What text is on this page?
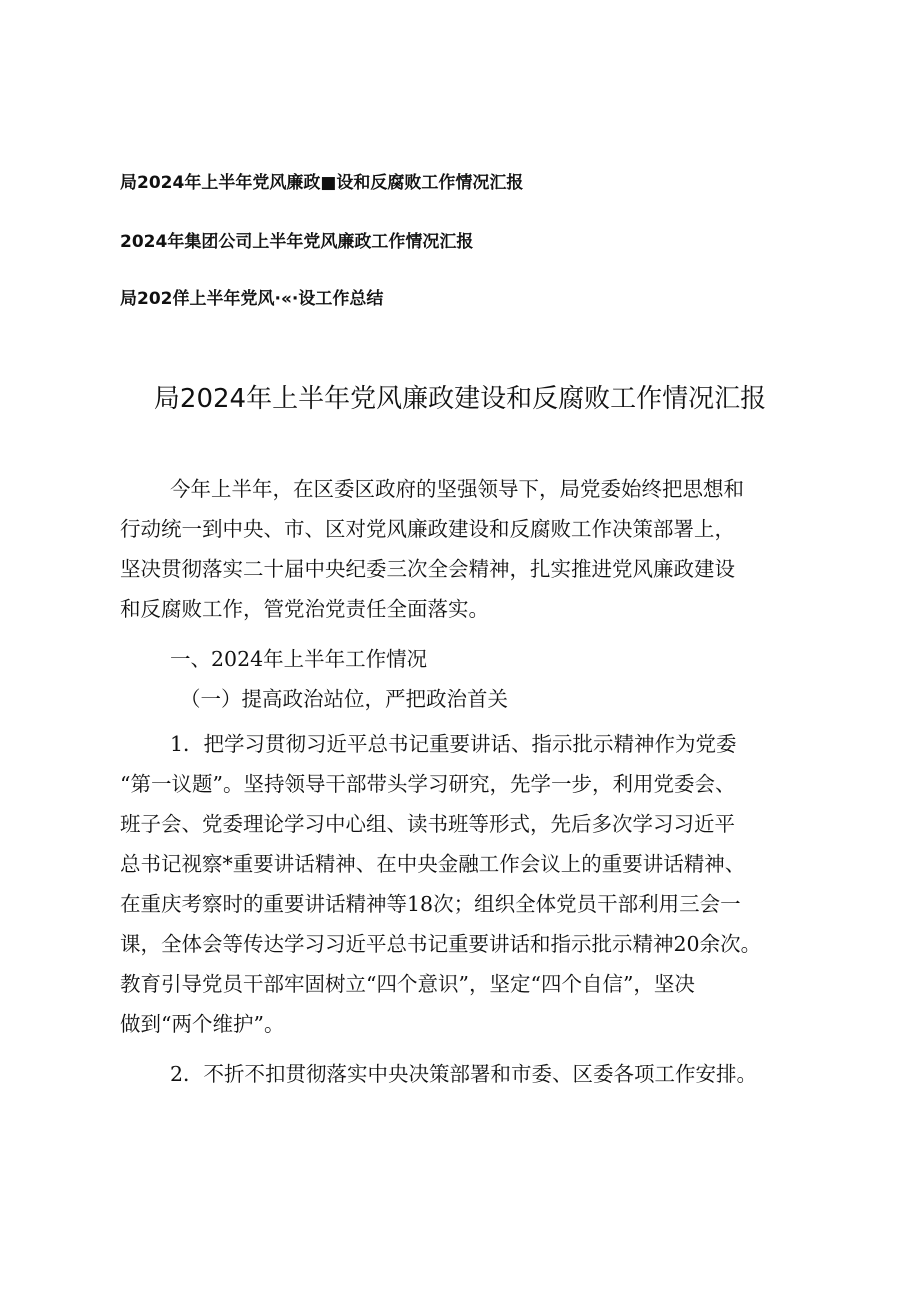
局2024年上半年党风廉政■设和反腐败工作情况汇报
2024年集团公司上半年党风廉政工作情况汇报
局202佯上半年党风·«·设工作总结
局2024年上半年党风廉政建设和反腐败工作情况汇报
今年上半年，在区委区政府的坚强领导下，局党委始终把思想和
行动统一到中央、市、区对党风廉政建设和反腐败工作决策部署上，
坚决贯彻落实二十届中央纪委三次全会精神，扎实推进党风廉政建设
和反腐败工作，管党治党责任全面落实。
一、2024年上半年工作情况
（一）提高政治站位，严把政治首关
1．把学习贯彻习近平总书记重要讲话、指示批示精神作为党委
“第一议题”。坚持领导干部带头学习研究，先学一步，利用党委会、
班子会、党委理论学习中心组、读书班等形式，先后多次学习习近平
总书记视察*重要讲话精神、在中央金融工作会议上的重要讲话精神、
在重庆考察时的重要讲话精神等18次；组织全体党员干部利用三会一
课，全体会等传达学习习近平总书记重要讲话和指示批示精神20余次。
教育引导党员干部牢固树立“四个意识”，坚定“四个自信”，坚决
做到“两个维护”。
2．不折不扣贯彻落实中央决策部署和市委、区委各项工作安排。
